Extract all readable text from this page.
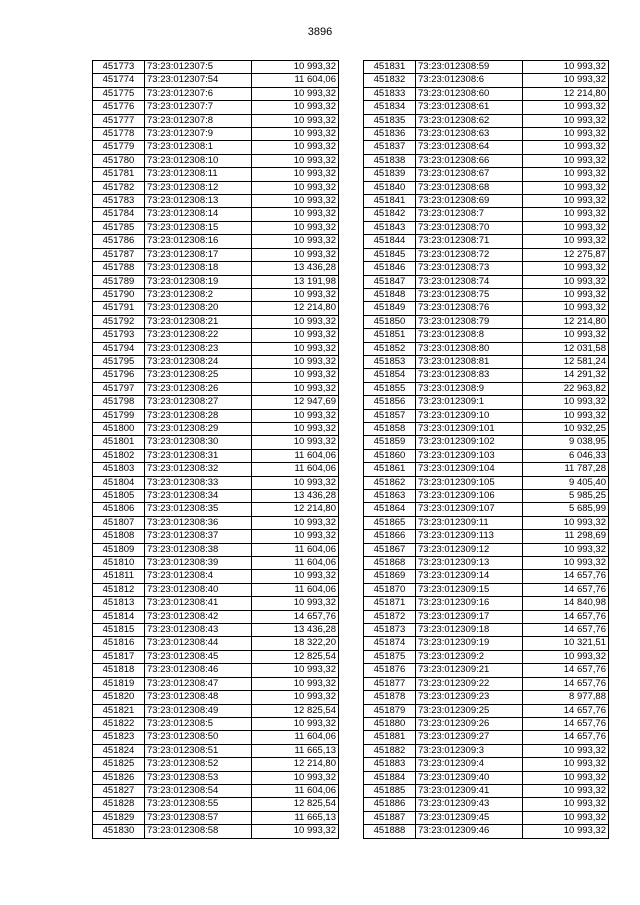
3896
451773	73:23:012307:5	10 993,32
451774	73:23:012307:54	11 604,06
451775	73:23:012307:6	10 993,32
451776	73:23:012307:7	10 993,32
451777	73:23:012307:8	10 993,32
451778	73:23:012307:9	10 993,32
451779	73:23:012308:1	10 993,32
451780	73:23:012308:10	10 993,32
451781	73:23:012308:11	10 993,32
451782	73:23:012308:12	10 993,32
451783	73:23:012308:13	10 993,32
451784	73:23:012308:14	10 993,32
451785	73:23:012308:15	10 993,32
451786	73:23:012308:16	10 993,32
451787	73:23:012308:17	10 993,32
451788	73:23:012308:18	13 436,28
451789	73:23:012308:19	13 191,98
451790	73:23:012308:2	10 993,32
451791	73:23:012308:20	12 214,80
451792	73:23:012308:21	10 993,32
451793	73:23:012308:22	10 993,32
451794	73:23:012308:23	10 993,32
451795	73:23:012308:24	10 993,32
451796	73:23:012308:25	10 993,32
451797	73:23:012308:26	10 993,32
451798	73:23:012308:27	12 947,69
451799	73:23:012308:28	10 993,32
451800	73:23:012308:29	10 993,32
451801	73:23:012308:30	10 993,32
451802	73:23:012308:31	11 604,06
451803	73:23:012308:32	11 604,06
451804	73:23:012308:33	10 993,32
451805	73:23:012308:34	13 436,28
451806	73:23:012308:35	12 214,80
451807	73:23:012308:36	10 993,32
451808	73:23:012308:37	10 993,32
451809	73:23:012308:38	11 604,06
451810	73:23:012308:39	11 604,06
451811	73:23:012308:4	10 993,32
451812	73:23:012308:40	11 604,06
451813	73:23:012308:41	10 993,32
451814	73:23:012308:42	14 657,76
451815	73:23:012308:43	13 436,28
451816	73:23:012308:44	18 322,20
451817	73:23:012308:45	12 825,54
451818	73:23:012308:46	10 993,32
451819	73:23:012308:47	10 993,32
451820	73:23:012308:48	10 993,32
451821	73:23:012308:49	12 825,54
451822	73:23:012308:5	10 993,32
451823	73:23:012308:50	11 604,06
451824	73:23:012308:51	11 665,13
451825	73:23:012308:52	12 214,80
451826	73:23:012308:53	10 993,32
451827	73:23:012308:54	11 604,06
451828	73:23:012308:55	12 825,54
451829	73:23:012308:57	11 665,13
451830	73:23:012308:58	10 993,32
451831	73:23:012308:59	10 993,32
451832	73:23:012308:6	10 993,32
451833	73:23:012308:60	12 214,80
451834	73:23:012308:61	10 993,32
451835	73:23:012308:62	10 993,32
451836	73:23:012308:63	10 993,32
451837	73:23:012308:64	10 993,32
451838	73:23:012308:66	10 993,32
451839	73:23:012308:67	10 993,32
451840	73:23:012308:68	10 993,32
451841	73:23:012308:69	10 993,32
451842	73:23:012308:7	10 993,32
451843	73:23:012308:70	10 993,32
451844	73:23:012308:71	10 993,32
451845	73:23:012308:72	12 275,87
451846	73:23:012308:73	10 993,32
451847	73:23:012308:74	10 993,32
451848	73:23:012308:75	10 993,32
451849	73:23:012308:76	10 993,32
451850	73:23:012308:79	12 214,80
451851	73:23:012308:8	10 993,32
451852	73:23:012308:80	12 031,58
451853	73:23:012308:81	12 581,24
451854	73:23:012308:83	14 291,32
451855	73:23:012308:9	22 963,82
451856	73:23:012309:1	10 993,32
451857	73:23:012309:10	10 993,32
451858	73:23:012309:101	10 932,25
451859	73:23:012309:102	9 038,95
451860	73:23:012309:103	6 046,33
451861	73:23:012309:104	11 787,28
451862	73:23:012309:105	9 405,40
451863	73:23:012309:106	5 985,25
451864	73:23:012309:107	5 685,99
451865	73:23:012309:11	10 993,32
451866	73:23:012309:113	11 298,69
451867	73:23:012309:12	10 993,32
451868	73:23:012309:13	10 993,32
451869	73:23:012309:14	14 657,76
451870	73:23:012309:15	14 657,76
451871	73:23:012309:16	14 840,98
451872	73:23:012309:17	14 657,76
451873	73:23:012309:18	14 657,76
451874	73:23:012309:19	10 321,51
451875	73:23:012309:2	10 993,32
451876	73:23:012309:21	14 657,76
451877	73:23:012309:22	14 657,76
451878	73:23:012309:23	8 977,88
451879	73:23:012309:25	14 657,76
451880	73:23:012309:26	14 657,76
451881	73:23:012309:27	14 657,76
451882	73:23:012309:3	10 993,32
451883	73:23:012309:4	10 993,32
451884	73:23:012309:40	10 993,32
451885	73:23:012309:41	10 993,32
451886	73:23:012309:43	10 993,32
451887	73:23:012309:45	10 993,32
451888	73:23:012309:46	10 993,32
